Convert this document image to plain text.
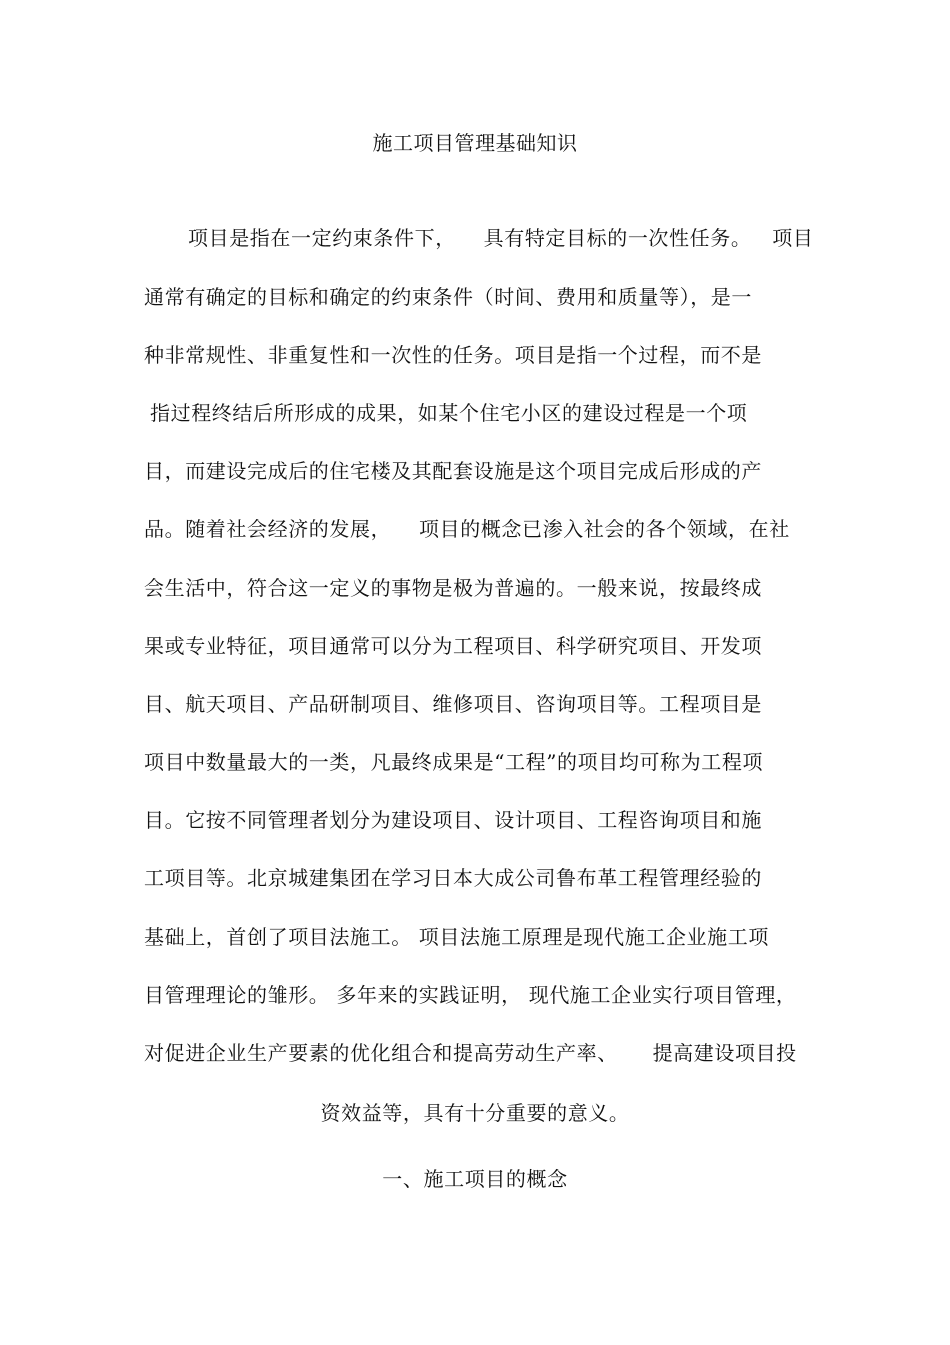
施工项目管理基础知识
项目是指在一定约束条件下，    具有特定目标的一次性任务。   项目
通常有确定的目标和确定的约束条件（时间、费用和质量等），是一
种非常规性、非重复性和一次性的任务。项目是指一个过程，而不是
指过程终结后所形成的成果，如某个住宅小区的建设过程是一个项
目，而建设完成后的住宅楼及其配套设施是这个项目完成后形成的产
品。随着社会经济的发展，    项目的概念已渗入社会的各个领域，在社
会生活中，符合这一定义的事物是极为普遍的。一般来说，按最终成
果或专业特征，项目通常可以分为工程项目、科学研究项目、开发项
目、航天项目、产品研制项目、维修项目、咨询项目等。工程项目是
项目中数量最大的一类，凡最终成果是“工程”的项目均可称为工程项
目。它按不同管理者划分为建设项目、设计项目、工程咨询项目和施
工项目等。北京城建集团在学习日本大成公司鲁布革工程管理经验的
基础上，首创了项目法施工。 项目法施工原理是现代施工企业施工项
目管理理论的雏形。 多年来的实践证明， 现代施工企业实行项目管理，
对促进企业生产要素的优化组合和提高劳动生产率、     提高建设项目投
资效益等，具有十分重要的意义。
一、施工项目的概念
